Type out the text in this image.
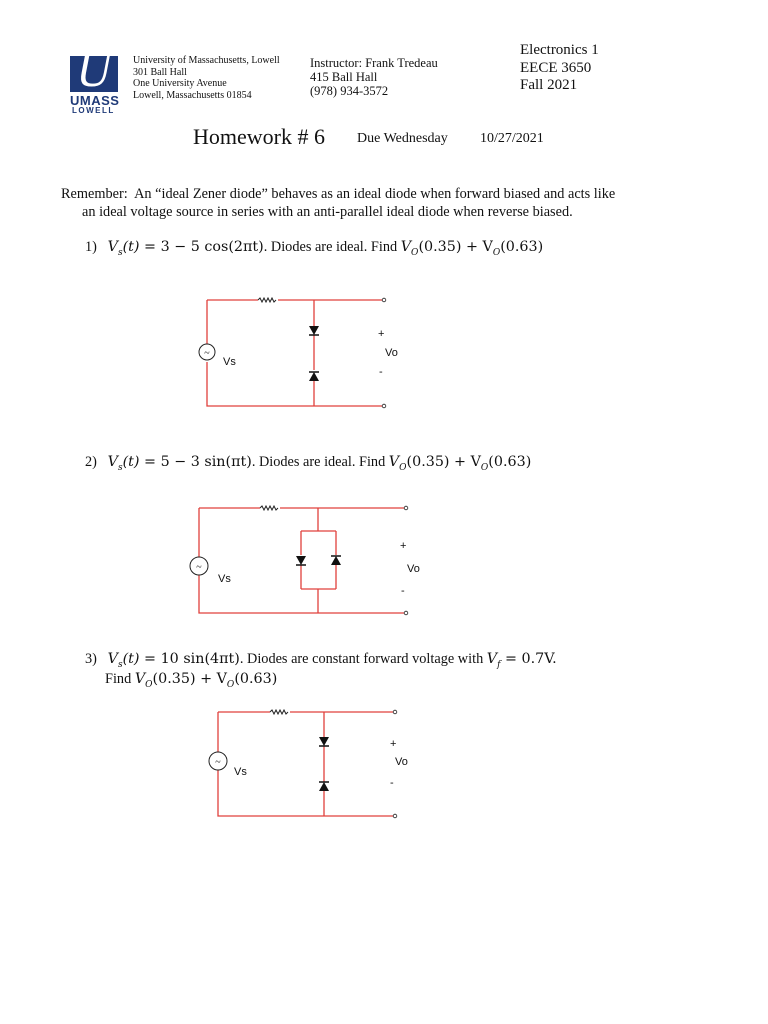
U
UMASS
LOWELL
University of Massachusetts, Lowell
301 Ball Hall
One University Avenue
Lowell, Massachusetts 01854
Instructor: Frank Tredeau
415 Ball Hall
(978) 934-3572
Electronics 1
EECE 3650
Fall 2021
Homework # 6 Due Wednesday 10/27/2021
Remember: An “ideal Zener diode” behaves as an ideal diode when forward biased and acts like
an ideal voltage source in series with an anti-parallel ideal diode when reverse biased.
1) $V_s(t) = 3 - 5$ cos(2πt). Diodes are ideal. Find $V_O(0.35) + V_O(0.63)$
~
Vs
+
Vo
-
2) $V_s(t) = 5 - 3$ sin(πt). Diodes are ideal. Find $V_O(0.35) + V_O(0.63)$
~
Vs
+
Vo
-
3) $V_s(t) = 10$ sin(4πt). Diodes are constant forward voltage with $V_f = 0.7V$.
Find $V_O(0.35) + V_O(0.63)$
~
Vs
+
Vo
-
